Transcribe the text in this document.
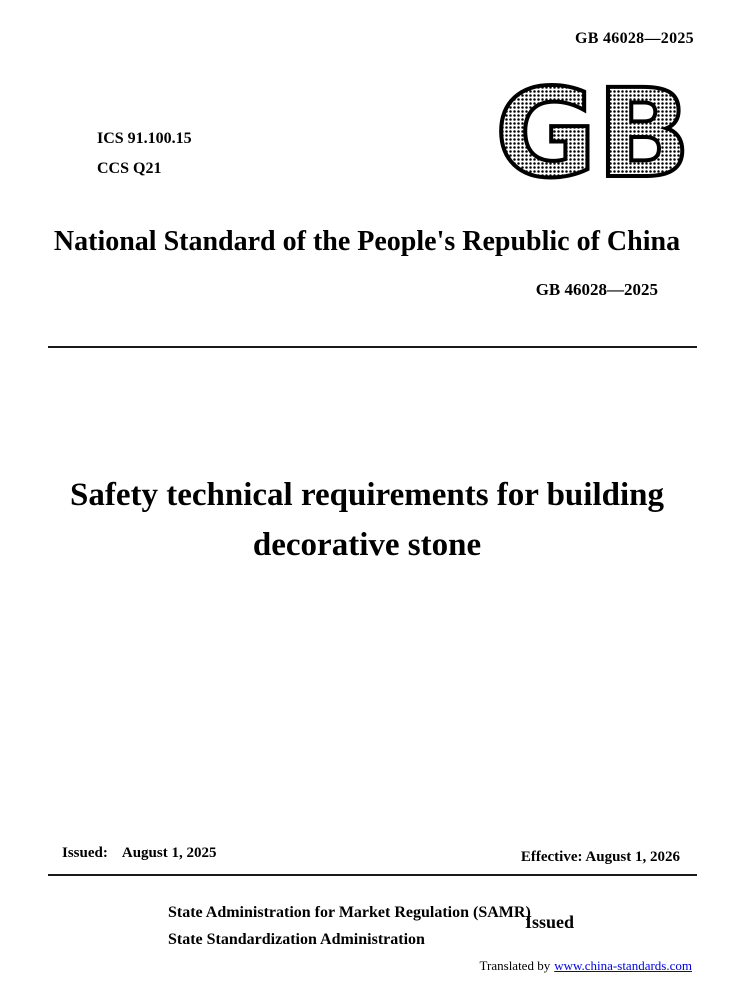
GB 46028—2025
GB
ICS 91.100.15
CCS Q21
National Standard of the People's Republic of China
GB 46028—2025
Safety technical requirements for building
decorative stone
Issued: August 1, 2025	Effective: August 1, 2026
State Administration for Market Regulation (SAMR)
State Standardization Administration
Issued
Translated by www.china-standards.com
